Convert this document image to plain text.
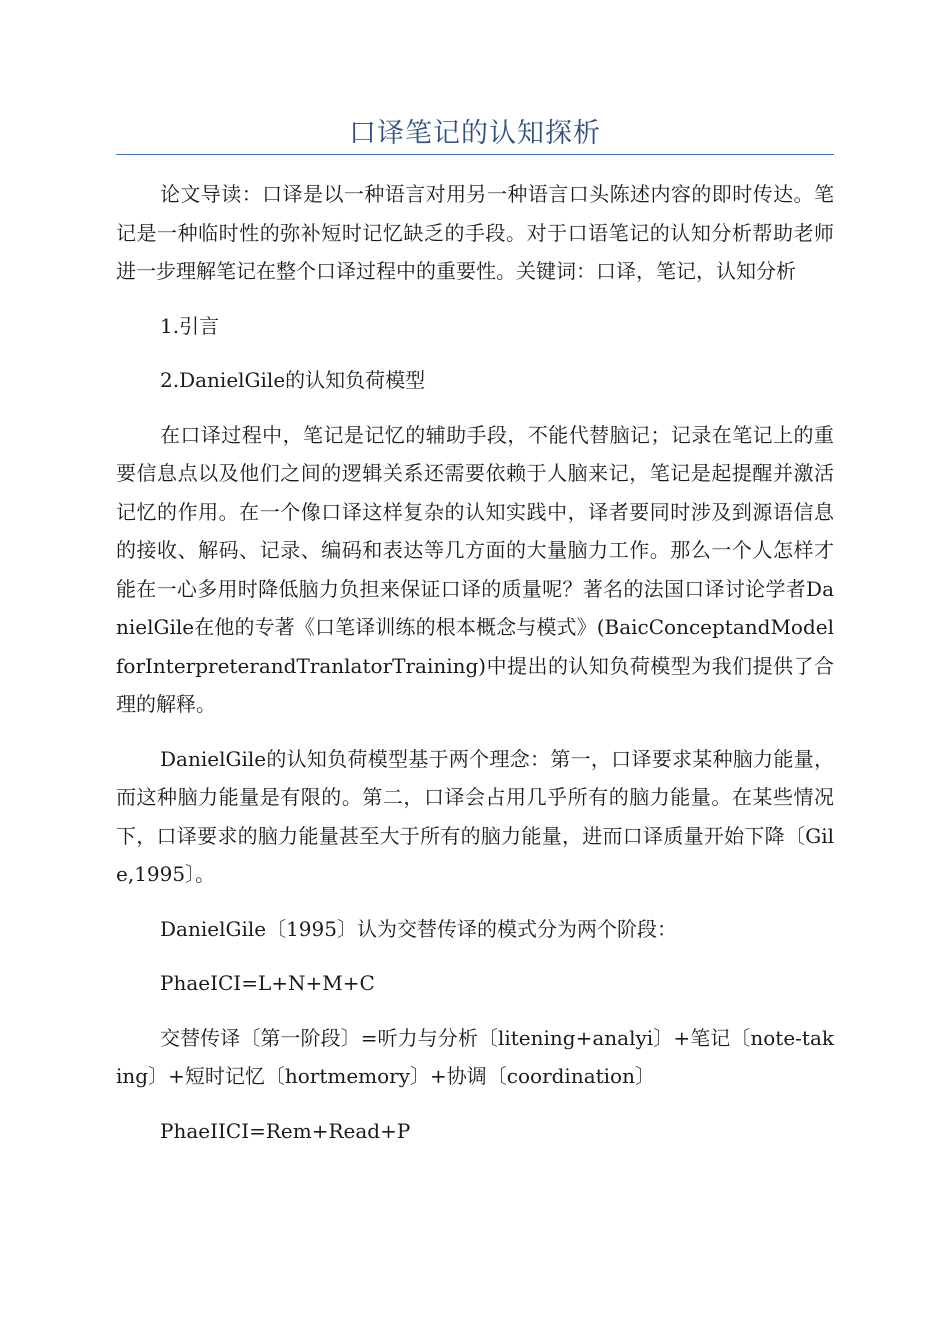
口译笔记的认知探析

论文导读：口译是以一种语言对用另一种语言口头陈述内容的即时传达。笔记是一种临时性的弥补短时记忆缺乏的手段。对于口语笔记的认知分析帮助老师进一步理解笔记在整个口译过程中的重要性。关键词：口译，笔记，认知分析

1.引言

2.DanielGile的认知负荷模型

在口译过程中，笔记是记忆的辅助手段，不能代替脑记；记录在笔记上的重要信息点以及他们之间的逻辑关系还需要依赖于人脑来记，笔记是起提醒并激活记忆的作用。在一个像口译这样复杂的认知实践中，译者要同时涉及到源语信息的接收、解码、记录、编码和表达等几方面的大量脑力工作。那么一个人怎样才能在一心多用时降低脑力负担来保证口译的质量呢？著名的法国口译讨论学者DanielGile在他的专著《口笔译训练的根本概念与模式》(BaicConceptandModelforInterpreterandTranlatorTraining)中提出的认知负荷模型为我们提供了合理的解释。

DanielGile的认知负荷模型基于两个理念：第一，口译要求某种脑力能量，而这种脑力能量是有限的。第二，口译会占用几乎所有的脑力能量。在某些情况下，口译要求的脑力能量甚至大于所有的脑力能量，进而口译质量开始下降〔Gile,1995〕。

DanielGile〔1995〕认为交替传译的模式分为两个阶段：

PhaeICI=L+N+M+C

交替传译〔第一阶段〕=听力与分析〔litening+analyi〕+笔记〔note-taking〕+短时记忆〔hortmemory〕+协调〔coordination〕

PhaeIICI=Rem+Read+P
